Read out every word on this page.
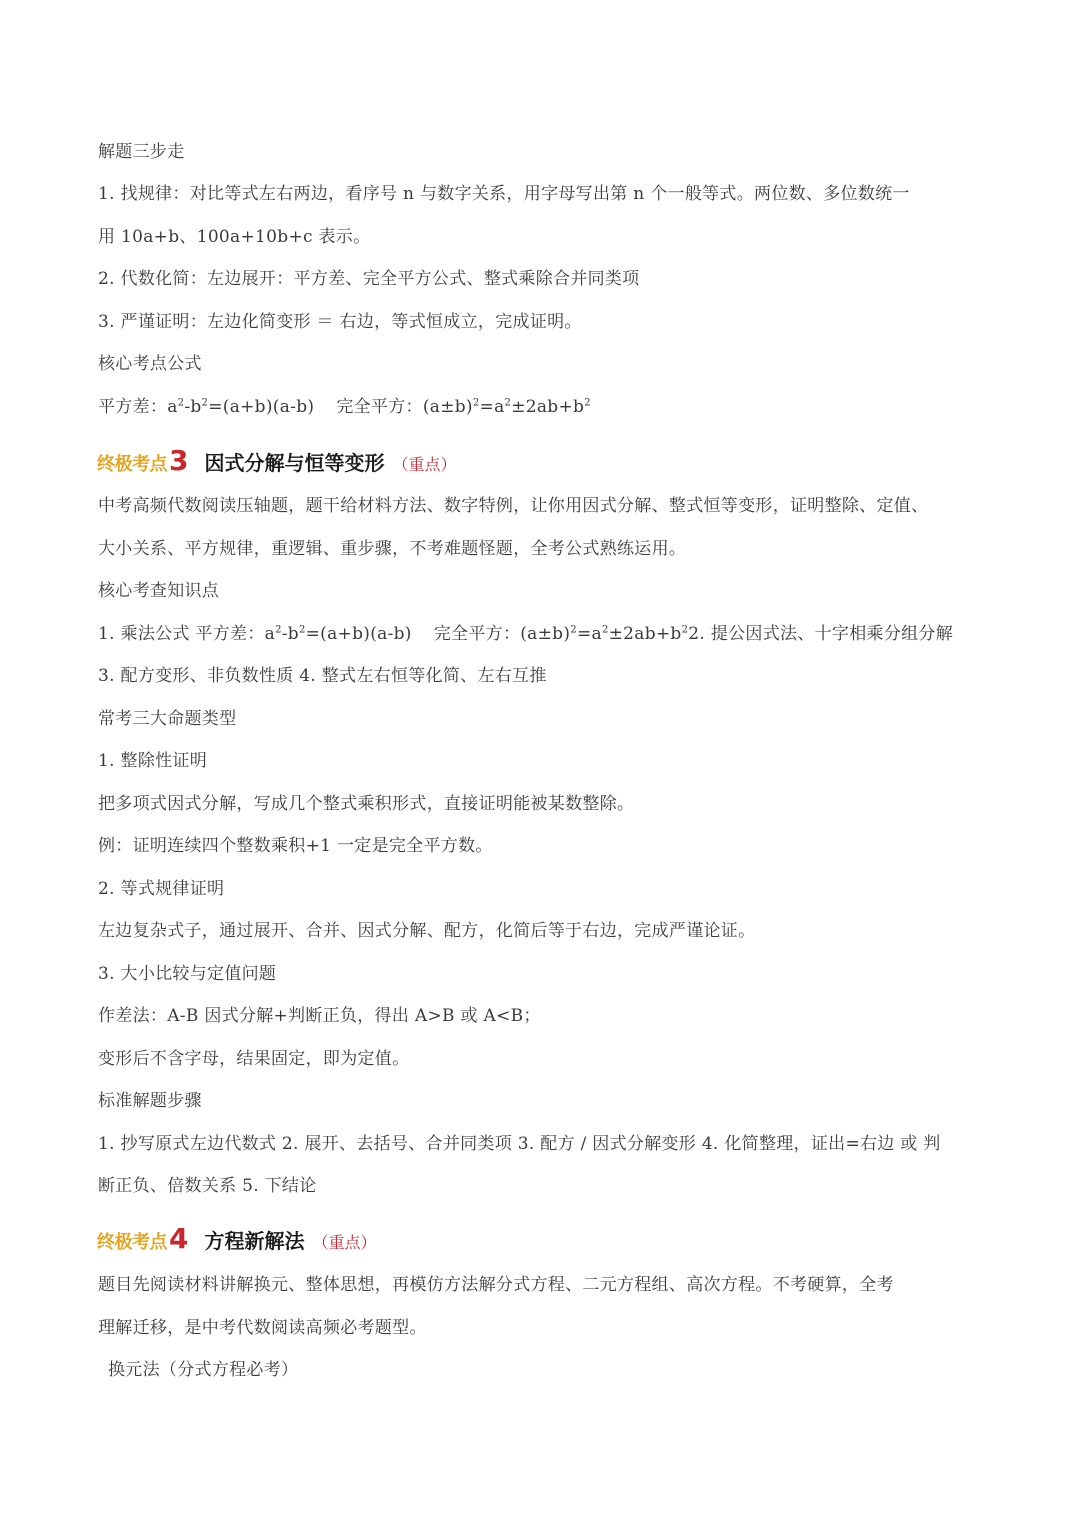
解题三步走
1. 找规律：对比等式左右两边，看序号 n 与数字关系，用字母写出第 n 个一般等式。两位数、多位数统一
用 10a+b、100a+10b+c 表示。
2. 代数化简：左边展开：平方差、完全平方公式、整式乘除合并同类项
3. 严谨证明：左边化简变形 ＝ 右边，等式恒成立，完成证明。
核心考点公式
平方差：$a^2-b^2=(a+b)(a-b)$ 完全平方：$(a\pm b)^2=a^2\pm 2ab+b^2$
终极考点 3 因式分解与恒等变形 （重点）
中考高频代数阅读压轴题，题干给材料方法、数字特例，让你用因式分解、整式恒等变形，证明整除、定值、
大小关系、平方规律，重逻辑、重步骤，不考难题怪题，全考公式熟练运用。
核心考查知识点
1. 乘法公式 平方差：$a^2-b^2=(a+b)(a-b)$ 完全平方：$(a\pm b)^2=a^2\pm 2ab+b^22$. 提公因式法、十字相乘分组分解
3. 配方变形、非负数性质 4. 整式左右恒等化简、左右互推
常考三大命题类型
1. 整除性证明
把多项式因式分解，写成几个整式乘积形式，直接证明能被某数整除。
例：证明连续四个整数乘积+1 一定是完全平方数。
2. 等式规律证明
左边复杂式子，通过展开、合并、因式分解、配方，化简后等于右边，完成严谨论证。
3. 大小比较与定值问题
作差法：A-B 因式分解+判断正负，得出 A>B 或 A<B；
变形后不含字母，结果固定，即为定值。
标准解题步骤
1. 抄写原式左边代数式 2. 展开、去括号、合并同类项 3. 配方 / 因式分解变形 4. 化简整理，证出=右边 或 判
断正负、倍数关系 5. 下结论
终极考点 4 方程新解法 （重点）
题目先阅读材料讲解换元、整体思想，再模仿方法解分式方程、二元方程组、高次方程。不考硬算，全考
理解迁移，是中考代数阅读高频必考题型。
换元法（分式方程必考）
